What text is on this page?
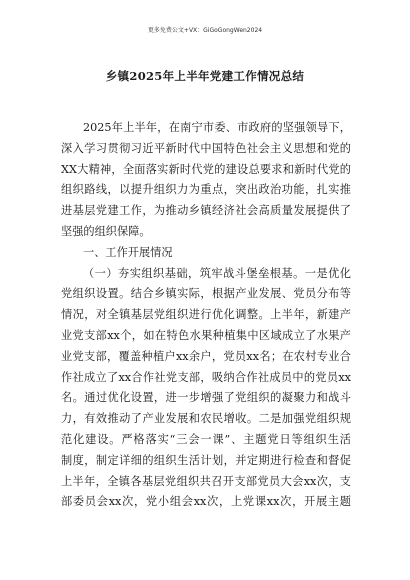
更多免费公文+VX：GiGoGongWen2024
乡镇2025年上半年党建工作情况总结

2025年上半年，在南宁市委、市政府的坚强领导下，

深入学习贯彻习近平新时代中国特色社会主义思想和党的

XX大精神，全面落实新时代党的建设总要求和新时代党的

组织路线，以提升组织力为重点，突出政治功能，扎实推

进基层党建工作，为推动乡镇经济社会高质量发展提供了

坚强的组织保障。

一、工作开展情况

（一）夯实组织基础，筑牢战斗堡垒根基。一是优化

党组织设置。结合乡镇实际，根据产业发展、党员分布等

情况，对全镇基层党组织进行优化调整。上半年，新建产

业党支部xx个，如在特色水果种植集中区域成立了水果产

业党支部，覆盖种植户xx余户，党员xx名；在农村专业合

作社成立了xx合作社党支部，吸纳合作社成员中的党员xx

名。通过优化设置，进一步增强了党组织的凝聚力和战斗

力，有效推动了产业发展和农民增收。二是加强党组织规

范化建设。严格落实“三会一课”、主题党日等组织生活

制度，制定详细的组织生活计划，并定期进行检查和督促

上半年，全镇各基层党组织共召开支部党员大会xx次，支

部委员会xx次，党小组会xx次，上党课xx次，开展主题
